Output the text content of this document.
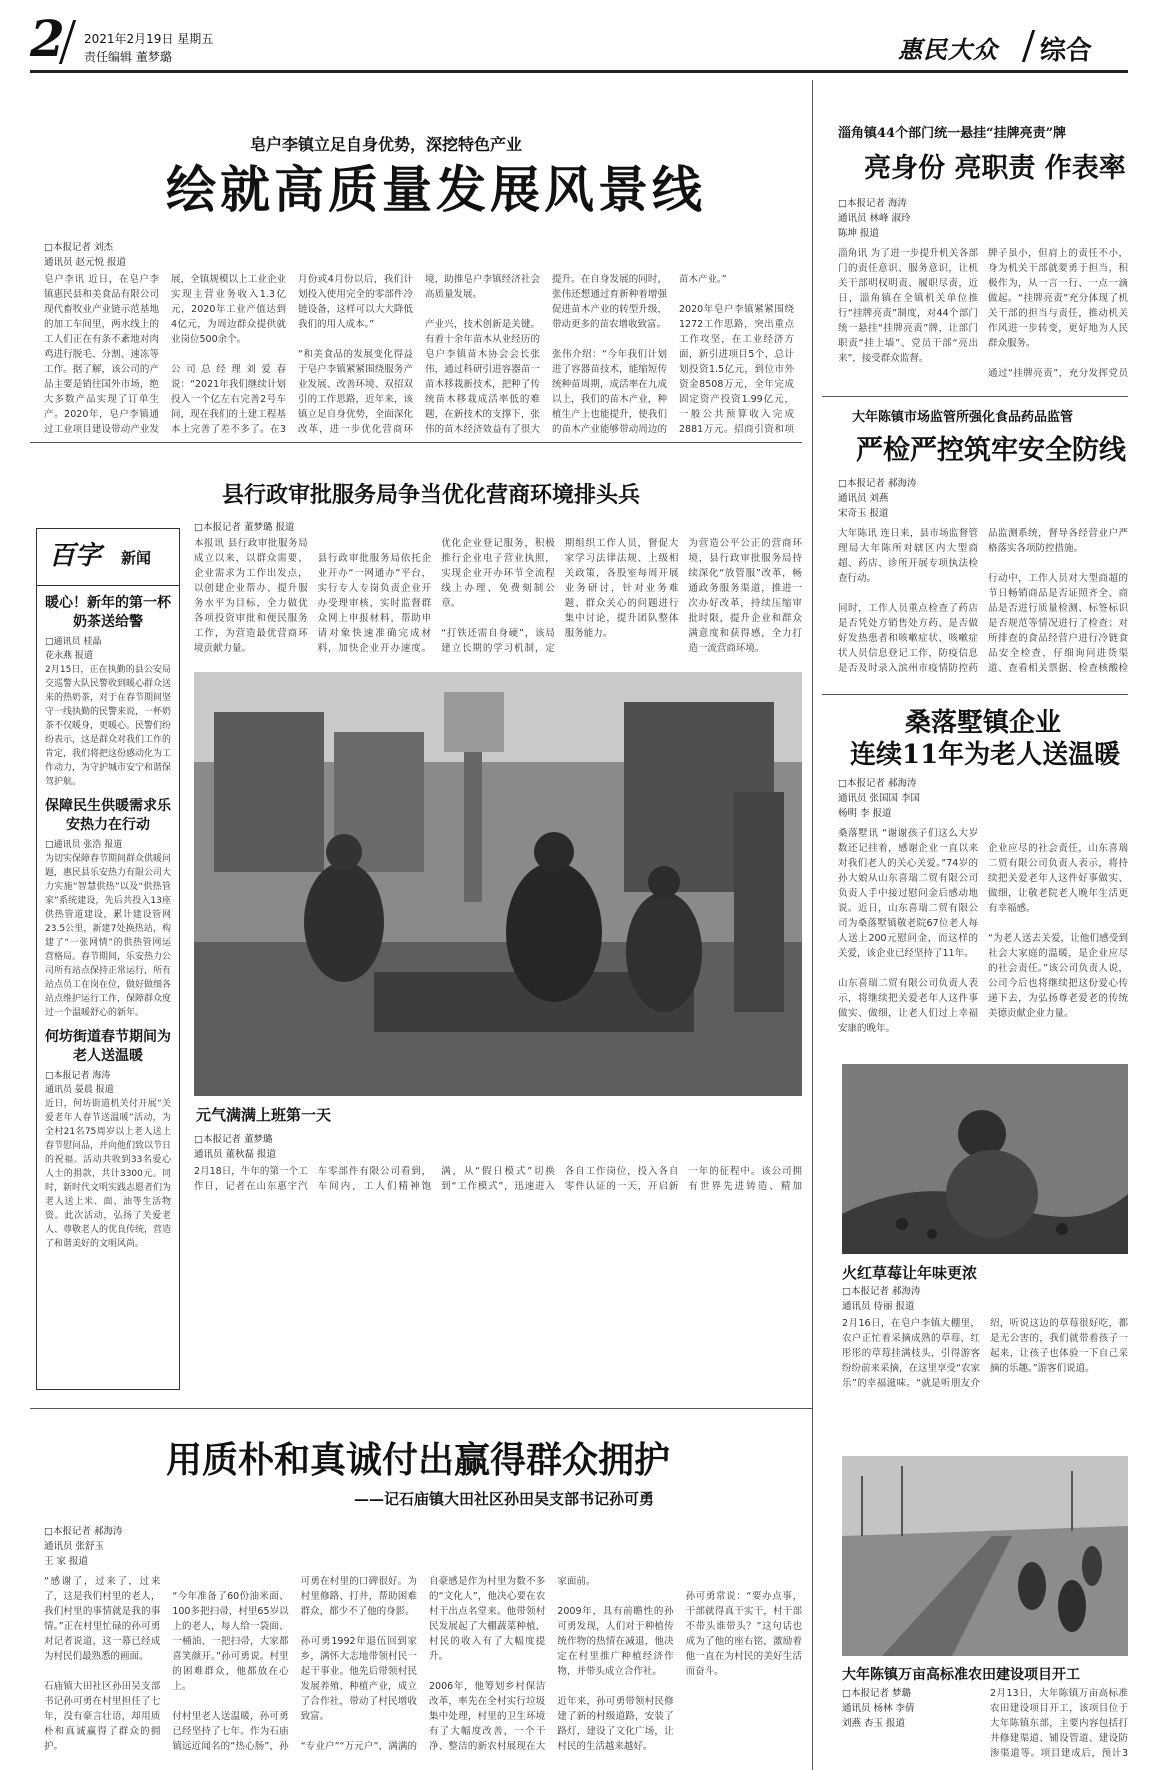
2 2021年2月19日 星期五
责任编辑 董梦璐	惠民大众 综合
皂户李镇立足自身优势，深挖特色产业
绘就高质量发展风景线
□本报记者 刘杰
通讯员 赵元悦 报道
皂户李讯 近日，在皂户李镇惠民县和美食品有限公司现代畜牧业产业链示范基地的加工车间里，两水线上的工人们正在有条不紊地对肉鸡进行脱毛、分割、速冻等工作。据了解，该公司的产品主要是销往国外市场，绝大多数产品实现了订单生产。2020年，皂户李镇通过工业项目建设带动产业发展，全镇规模以上工业企业实现主营业务收入1.3亿元，2020年工业产值达到4亿元，为周边群众提供就业岗位500余个。

公司总经理刘爱春说：“2021年我们继续计划投入一个亿左右完善2号车间，现在我们的土建工程基本上完善了差不多了。在3月份或4月份以后，我们计划投入使用完全的零部件冷链设备，这样可以大大降低我们的用人成本。”

“和美食品的发展变化得益于皂户李镇紧紧围绕服务产业发展、改善环境、双招双引的工作思路，近年来，该镇立足自身优势，全面深化改革，进一步优化营商环境，助推皂户李镇经济社会高质量发展。

产业兴，技术创新是关键。有着十余年苗木从业经历的皂户李镇苗木协会会长张伟，通过科研引进容器苗一苗木移栽新技术，把种了传统苗木移栽成活率低的难题，在新技术的支撑下，张伟的苗木经济效益有了很大提升。在自身发展的同时，张伟还想通过育新种着增强促进苗木产业的转型升级，带动更多的苗农增收致富。

张伟介绍：“今年我们计划进了容器苗技术，能缩短传统种苗周期，成活率在九成以上，我们的苗木产业，种植生产上也能提升，使我们的苗木产业能够带动周边的苗木产业。”

2020年皂户李镇紧紧围绕1272工作思路，突出重点工作攻坚，在工业经济方面，新引进项目5个，总计划投资1.5亿元，到位市外资金8508万元，全年完成固定资产投资1.99亿元，一般公共预算收入完成2881万元。招商引资和项

淄角镇44个部门统一悬挂“挂牌亮责”牌
亮身份 亮职责 作表率
□本报记者 海涛
通讯员 林峰 淑玲
陈坤 报道
淄角讯 为了进一步提升机关各部门的责任意识、服务意识，让机关干部明权明责、履职尽责，近日，淄角镇在全镇机关单位推行“挂牌亮责”制度，对44个部门统一悬挂“挂牌亮责”牌，让部门职责“挂上墙”、党员干部“亮出来”，接受群众监督。

牌子虽小，但肩上的责任不小，身为机关干部就要勇于担当，积极作为，从一言一行、一点一滴做起。“挂牌亮责”充分体现了机关干部的担当与责任，推动机关作风进一步转变，更好地为人民群众服务。

通过“挂牌亮责”，充分发挥党员

大年陈镇市场监管所强化食品药品监管
严检严控筑牢安全防线
□本报记者 郝海涛
通讯员 刘燕
宋奇玉 报道
大年陈讯 连日来，县市场监督管理局大年陈所对辖区内大型商超、药店、诊所开展专项执法检查行动。

同时，工作人员重点检查了药店是否凭处方销售处方药、是否做好发热患者和咳嗽症状、咳嗽症状人员信息登记工作，防疫信息是否及时录入滨州市疫情防控药品监测系统，督导各经营业户严格落实各项防控措施。

行动中，工作人员对大型商超的节日畅销商品是否证照齐全、商品是否进行质量检测、标签标识是否规范等情况进行了检查；对所排查的食品经营户进行冷链食品安全检查，仔细询问进货渠道、查看相关票据、检查核酸检

桑落墅镇企业
连续11年为老人送温暖
□本报记者 郝海涛
通讯员 张国国 李国
杨明 李 报道
桑落墅讯 “谢谢孩子们这么大岁数还记挂着，感谢企业一直以来对我们老人的关心关爱。”74岁的孙大娘从山东喜瑞二贸有限公司负责人手中接过慰问金后感动地说。近日，山东喜瑞二贸有限公司为桑落墅镇敬老院67位老人每人送上200元慰问金，而这样的关爱，该企业已经坚持了11年。

山东喜瑞二贸有限公司负责人表示，将继续把关爱老年人这件事做实、做细，让老人们过上幸福安康的晚年。

企业应尽的社会责任，山东喜瑞二贸有限公司负责人表示，将持续把关爱老年人这件好事做实、做细，让敬老院老人晚年生活更有幸福感。

“为老人送去关爱，让他们感受到社会大家庭的温暖，是企业应尽的社会责任。”该公司负责人说，公司今后也将继续把这份爱心传递下去，为弘扬尊老爱老的传统美德贡献企业力量。
百字 新闻
暖心！新年的第一杯奶茶送给警
□通讯员 桂晶
花永燕 报道
2月15日，正在执勤的县公安局交巡警大队民警收到暖心群众送来的热奶茶，对于在春节期间坚守一线执勤的民警来说，一杯奶茶不仅暖身，更暖心。民警们纷纷表示，这是群众对我们工作的肯定，我们将把这份感动化为工作动力，为守护城市安宁和谐保驾护航。
保障民生供暖需求乐安热力在行动
□通讯员 张浩 报道
为切实保障春节期间群众供暖问题，惠民县乐安热力有限公司大力实施“智慧供热”以及“供热管家”系统建设，先后共投入13座供热管道建设，累计建设管网23.5公里，新建7处换热站，构建了“一张网情”的供热管网运营格局。春节期间，乐安热力公司所有站点保持正常运行，所有站点员工在岗在位，做好做细各站点维护运行工作，保障群众度过一个温暖舒心的新年。
何坊街道春节期间为老人送温暖
□本报记者 海涛
通讯员 晏晨 报道
近日，何坊街道机关付开展“关爱老年人春节送温暖”活动，为全村21名75周岁以上老人送上春节慰问品，并向他们致以节日的祝福。活动共收到33名爱心人士的捐款，共计3300元。同时，新时代文明实践志愿者们为老人送上米、面、油等生活物资。此次活动，弘扬了关爱老人、尊敬老人的优良传统，营造了和谐美好的文明风尚。
县行政审批服务局争当优化营商环境排头兵
□本报记者 董梦璐 报道
本报讯 县行政审批服务局成立以来，以群众需要、企业需求为工作出发点，以创建企业帮办、提升服务水平为目标，全力做优各项投资审批和便民服务工作，为营造最优营商环境贡献力量。

县行政审批服务局依托企业开办“一网通办”平台，实行专人专岗负责企业开办受理审核，实时监督群众网上申报材料，帮助申请对象快速准确完成材料，加快企业开办速度。优化企业登记服务，积极推行企业电子营业执照，实现企业开办环节全流程线上办理、免费刻制公章。

“打铁还需自身硬”，该局建立长期的学习机制，定期组织工作人员，督促大家学习法律法规、上级相关政策，各股室每周开展业务研讨，针对业务难题、群众关心的问题进行集中讨论，提升团队整体服务能力。

为营造公平公正的营商环境，县行政审批服务局持续深化“放管服”改革，畅通政务服务渠道，推进一次办好改革，持续压缩审批时限，提升企业和群众满意度和获得感，全力打造一流营商环境。

元气满满上班第一天
□本报记者 董梦璐
通讯员 董秋磊 报道
2月18日，牛年的第一个工作日，记者在山东惠宇汽车零部件有限公司看到，车间内，工人们精神饱满，从“假日模式”切换到“工作模式”，迅速进入各自工作岗位，投入各自零件认证的一天，开启新一年的征程中。该公司拥有世界先进铸造、精加
火红草莓让年味更浓
□本报记者 郝海涛
通讯员 侍丽 报道
2月16日，在皂户李镇大棚里，农户正忙着采摘成熟的草莓，红彤彤的草莓挂满枝头，引得游客纷纷前来采摘，在这里享受“农家乐”的幸福滋味。“就是听朋友介绍，听说这边的草莓很好吃，都是无公害的，我们就带着孩子一起来，让孩子也体验一下自己采摘的乐趣。”游客们说道。
用质朴和真诚付出赢得群众拥护
——记石庙镇大田社区孙田吴支部书记孙可勇
□本报记者 郝海涛
通讯员 张舒玉
王 家 报道
“感谢了，过来了，过来了，这是我们村里的老人，我们村里的事情就是我的事情。”正在村里忙碌的孙可勇对记者说道，这一幕已经成为村民们最熟悉的画面。

石庙镇大田社区孙田吴支部书记孙可勇在村里担任了七年，没有豪言壮语，却用质朴和真诚赢得了群众的拥护。

“今年准备了60份油米面、100多把扫帚，村里65岁以上的老人，每人给一袋面、一桶油、一把扫帚，大家都喜笑颜开。”孙可勇说。村里的困难群众，他都放在心上。

付村里老人送温暖，孙可勇已经坚持了七年。作为石庙镇远近闻名的“热心肠”，孙可勇在村里的口碑很好。为村里修路、打井，帮助困难群众，都少不了他的身影。

孙可勇1992年退伍回到家乡，满怀大志地带领村民一起干事业。他先后带领村民发展养殖、种植产业，成立了合作社，带动了村民增收致富。

“专业户”“万元户”，满满的自豪感是作为村里为数不多的“文化人”，他决心要在农村干出点名堂来。他带领村民发展起了大棚蔬菜种植，村民的收入有了大幅度提升。

2006年，他筹划乡村保洁改革，率先在全村实行垃圾集中处理，村里的卫生环境有了大幅度改善，一个干净、整洁的新农村展现在大家面前。

2009年，具有前瞻性的孙可勇发现，人们对于种植传统作物的热情在减退，他决定在村里推广种植经济作物，并带头成立合作社。

近年来，孙可勇带领村民修建了新的村级道路，安装了路灯，建设了文化广场，让村民的生活越来越好。

孙可勇常说：“要办点事，干部就得真干实干，村干部不带头谁带头？”这句话也成为了他的座右铭，激励着他一直在为村民的美好生活而奋斗。	大年陈镇万亩高标准农田建设项目开工
□本报记者 梦璐
通讯员 杨林 李倩
刘燕 杏玉 报道
2月13日，大年陈镇万亩高标准农田建设项目开工，该项目位于大年陈镇东部，主要内容包括打井修建渠道、铺设管道、建设防渗渠道等。项目建成后，预计3
